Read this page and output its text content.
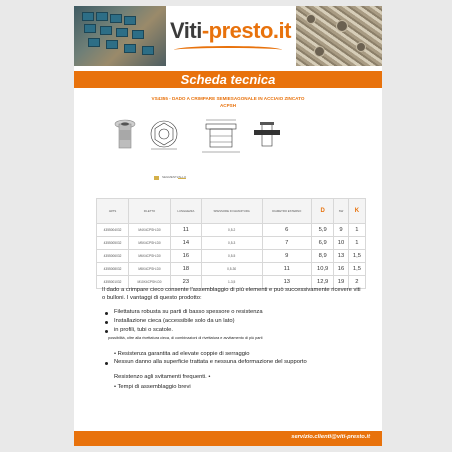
Viti-presto.it
Scheda tecnica
VS4355 - DADO A CRIMPARE SEMIESAGONALE IN ACCIAIO ZINCATO
ACPSH
SEGMENTI/ALLO
ARTS	FILETTO	LUNGHEZZA	SPESSORE DI GRANITURA	DIAMETRO ESTERNO	D	SW	K
4355004032	M4X4CPSH-D0	11	0,5-2	6	5,9	9	1
4355005032	M5X4CPSH-D0	14	0,5-3	7	6,9	10	1
4355006032	M6X4CPSH-D0	16	0,5-5	9	8,9	13	1,5
4355008032	M8X4CPSH-D0	18	0,5-30	11	10,9	16	1,5
4355001032	M10X4CPSH-D0	23	1-3,5	13	12,9	19	2
Il dado a crimpare cieco consente l'assemblaggio di più elementi e può successivamente ricevere viti o bulloni. I vantaggi di questo prodotto:
Filettatura robusta su parti di basso spessore o resistenza
Installazione cieca (accessibile solo da un lato)
in profili, tubi o scatole.
possibilità, oltre alla rivettatura cieca, di combinazioni di rivettatura e avvitamento di più parti
• Resistenza garantita ad elevate coppie di serraggio
Nessun danno alla superficie trattata e nessuna deformazione del supporto
Resistenzo agli svitamenti frequenti. •
• Tempi di assemblaggio brevi
servizio.clienti@viti-presto.it
